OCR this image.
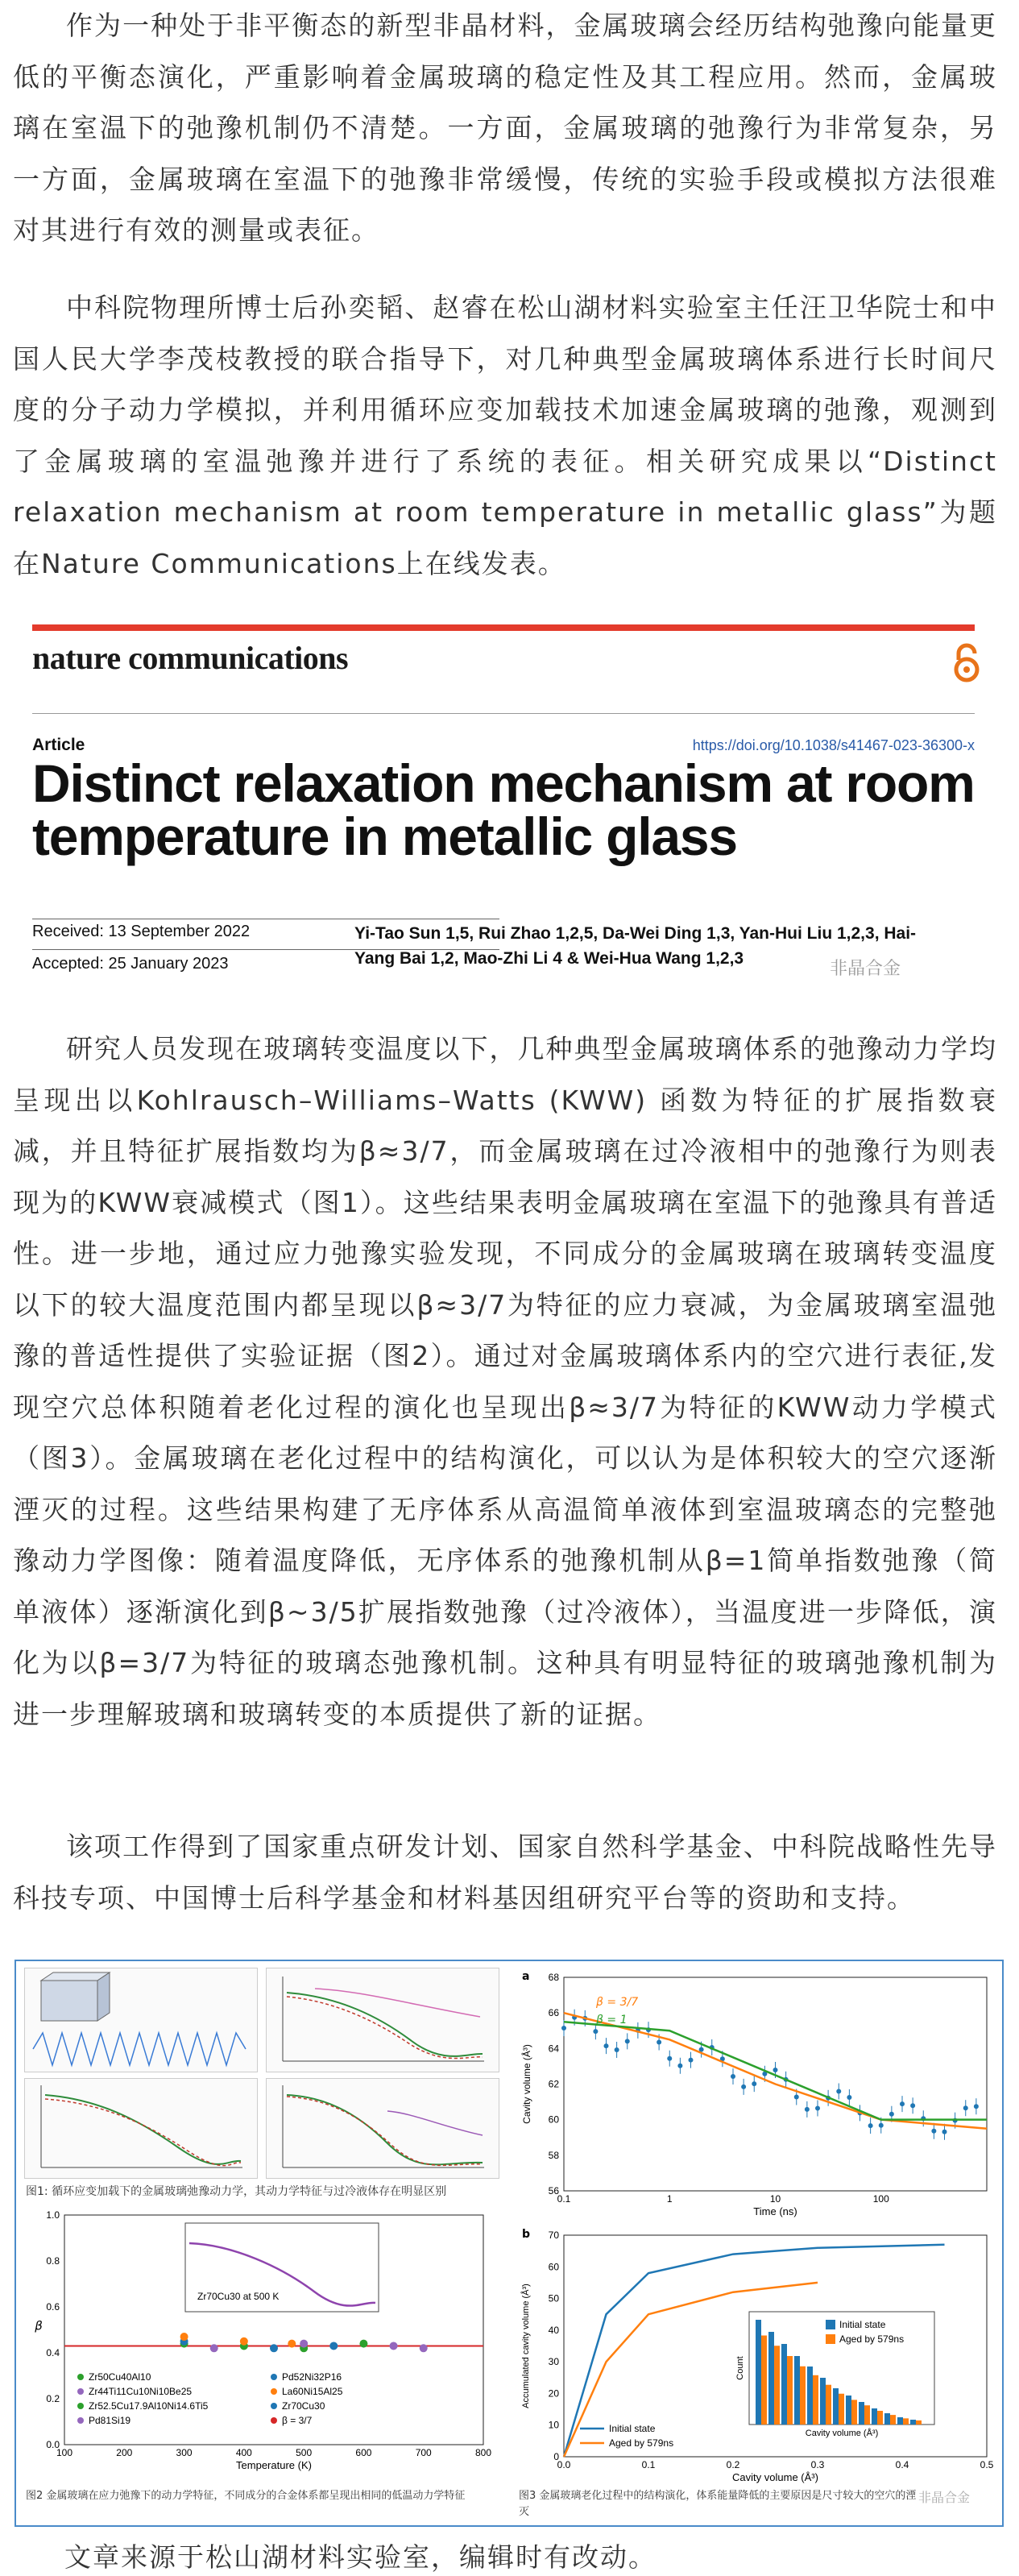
作为一种处于非平衡态的新型非晶材料，金属玻璃会经历结构弛豫向能量更低的平衡态演化，严重影响着金属玻璃的稳定性及其工程应用。然而，金属玻璃在室温下的弛豫机制仍不清楚。一方面，金属玻璃的弛豫行为非常复杂，另一方面，金属玻璃在室温下的弛豫非常缓慢，传统的实验手段或模拟方法很难对其进行有效的测量或表征。
中科院物理所博士后孙奕韬、赵睿在松山湖材料实验室主任汪卫华院士和中国人民大学李茂枝教授的联合指导下，对几种典型金属玻璃体系进行长时间尺度的分子动力学模拟，并利用循环应变加载技术加速金属玻璃的弛豫，观测到了金属玻璃的室温弛豫并进行了系统的表征。相关研究成果以“Distinct relaxation mechanism at room temperature in metallic glass”为题在Nature Communications上在线发表。
nature communications
Article	https://doi.org/10.1038/s41467-023-36300-x
Distinct relaxation mechanism at room temperature in metallic glass
Received: 13 September 2022
Accepted: 25 January 2023
Yi-Tao Sun 1,5, Rui Zhao 1,2,5, Da-Wei Ding 1,3, Yan-Hui Liu 1,2,3, Hai-Yang Bai 1,2, Mao-Zhi Li 4 & Wei-Hua Wang 1,2,3
非晶合金
研究人员发现在玻璃转变温度以下，几种典型金属玻璃体系的弛豫动力学均呈现出以Kohlrausch–Williams–Watts (KWW) 函数为特征的扩展指数衰减，并且特征扩展指数均为β≈3/7，而金属玻璃在过冷液相中的弛豫行为则表现为的KWW衰减模式（图1）。这些结果表明金属玻璃在室温下的弛豫具有普适性。进一步地，通过应力弛豫实验发现，不同成分的金属玻璃在玻璃转变温度以下的较大温度范围内都呈现以β≈3/7为特征的应力衰减，为金属玻璃室温弛豫的普适性提供了实验证据（图2）。通过对金属玻璃体系内的空穴进行表征,发现空穴总体积随着老化过程的演化也呈现出β≈3/7为特征的KWW动力学模式（图3）。金属玻璃在老化过程中的结构演化，可以认为是体积较大的空穴逐渐湮灭的过程。这些结果构建了无序体系从高温简单液体到室温玻璃态的完整弛豫动力学图像：随着温度降低，无序体系的弛豫机制从β=1简单指数弛豫（简单液体）逐渐演化到β~3/5扩展指数弛豫（过冷液体），当温度进一步降低，演化为以β=3/7为特征的玻璃态弛豫机制。这种具有明显特征的玻璃弛豫机制为进一步理解玻璃和玻璃转变的本质提供了新的证据。
该项工作得到了国家重点研发计划、国家自然科学基金、中科院战略性先导科技专项、中国博士后科学基金和材料基因组研究平台等的资助和支持。
图1: 循环应变加载下的金属玻璃弛豫动力学，其动力学特征与过冷液体存在明显区别
0.0
0.2
0.4
0.6
0.8
1.0
100	200	300	400	500	600	700	800
Temperature (K)
β
Zr70Cu30 at 500 K
Zr50Cu40Al10	Pd52Ni32P16
Zr44Ti11Cu10Ni10Be25	La60Ni15Al25
Zr52.5Cu17.9Al10Ni14.6Ti5	Zr70Cu30
Pd81Si19	β = 3/7
图2 金属玻璃在应力弛豫下的动力学特征，不同成分的合金体系都呈现出相同的低温动力学特征
a
56
58
60
62
64
66
68
0.1	1	10	100
Time (ns)
Cavity volume (Å³)
β = 3/7
β = 1
b
0
10
20
30
40
50
60
70
0.0	0.1	0.2	0.3	0.4	0.5
Cavity volume (Å³)
Accumulated cavity volume (Å³)
Cavity volume (Å³)
Count
Initial state
Initial state
Aged by 579ns
Aged by 579ns
图3 金属玻璃老化过程中的结构演化，体系能量降低的主要原因是尺寸较大的空穴的湮灭
非晶合金
文章来源于松山湖材料实验室，编辑时有改动。
